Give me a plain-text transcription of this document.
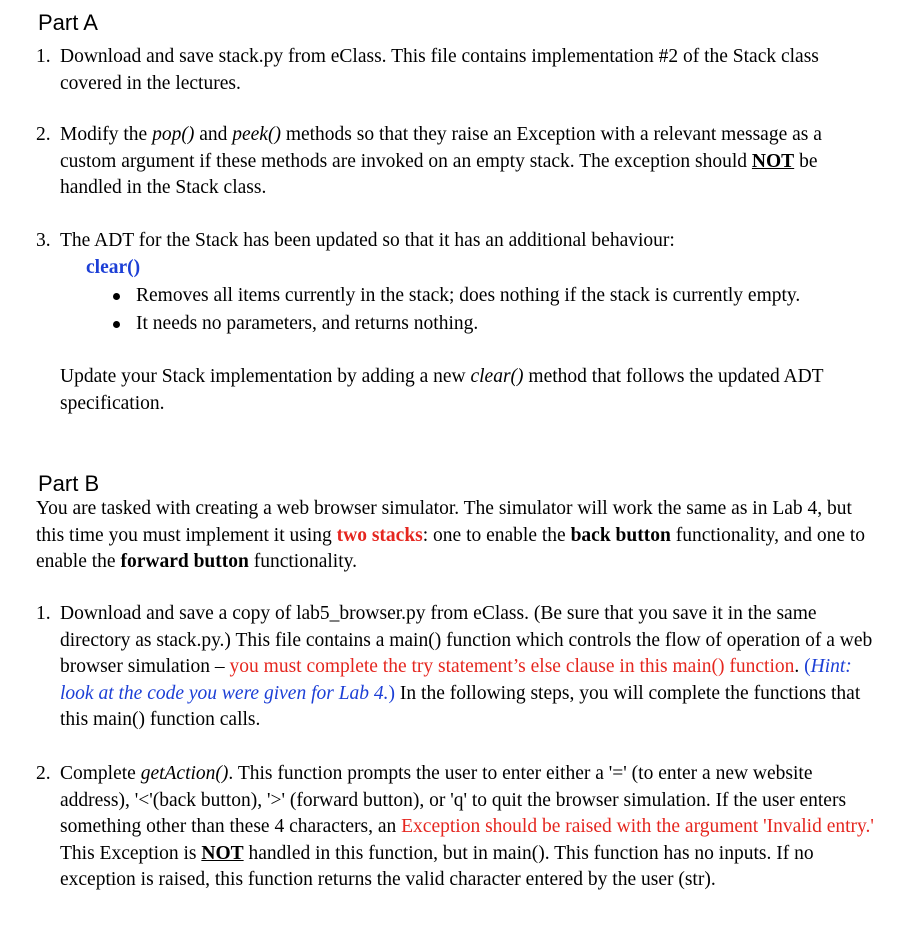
Part A
1. Download and save stack.py from eClass. This file contains implementation #2 of the Stack class covered in the lectures.
2. Modify the pop() and peek() methods so that they raise an Exception with a relevant message as a custom argument if these methods are invoked on an empty stack. The exception should NOT be handled in the Stack class.
3. The ADT for the Stack has been updated so that it has an additional behaviour:
clear()
Removes all items currently in the stack; does nothing if the stack is currently empty.
It needs no parameters, and returns nothing.
Update your Stack implementation by adding a new clear() method that follows the updated ADT specification.
Part B
You are tasked with creating a web browser simulator. The simulator will work the same as in Lab 4, but this time you must implement it using two stacks: one to enable the back button functionality, and one to enable the forward button functionality.
1. Download and save a copy of lab5_browser.py from eClass. (Be sure that you save it in the same directory as stack.py.) This file contains a main() function which controls the flow of operation of a web browser simulation – you must complete the try statement’s else clause in this main() function. (Hint: look at the code you were given for Lab 4.) In the following steps, you will complete the functions that this main() function calls.
2. Complete getAction(). This function prompts the user to enter either a '=' (to enter a new website address), '<'(back button), '>' (forward button), or 'q' to quit the browser simulation. If the user enters something other than these 4 characters, an Exception should be raised with the argument 'Invalid entry.' This Exception is NOT handled in this function, but in main(). This function has no inputs. If no exception is raised, this function returns the valid character entered by the user (str).
